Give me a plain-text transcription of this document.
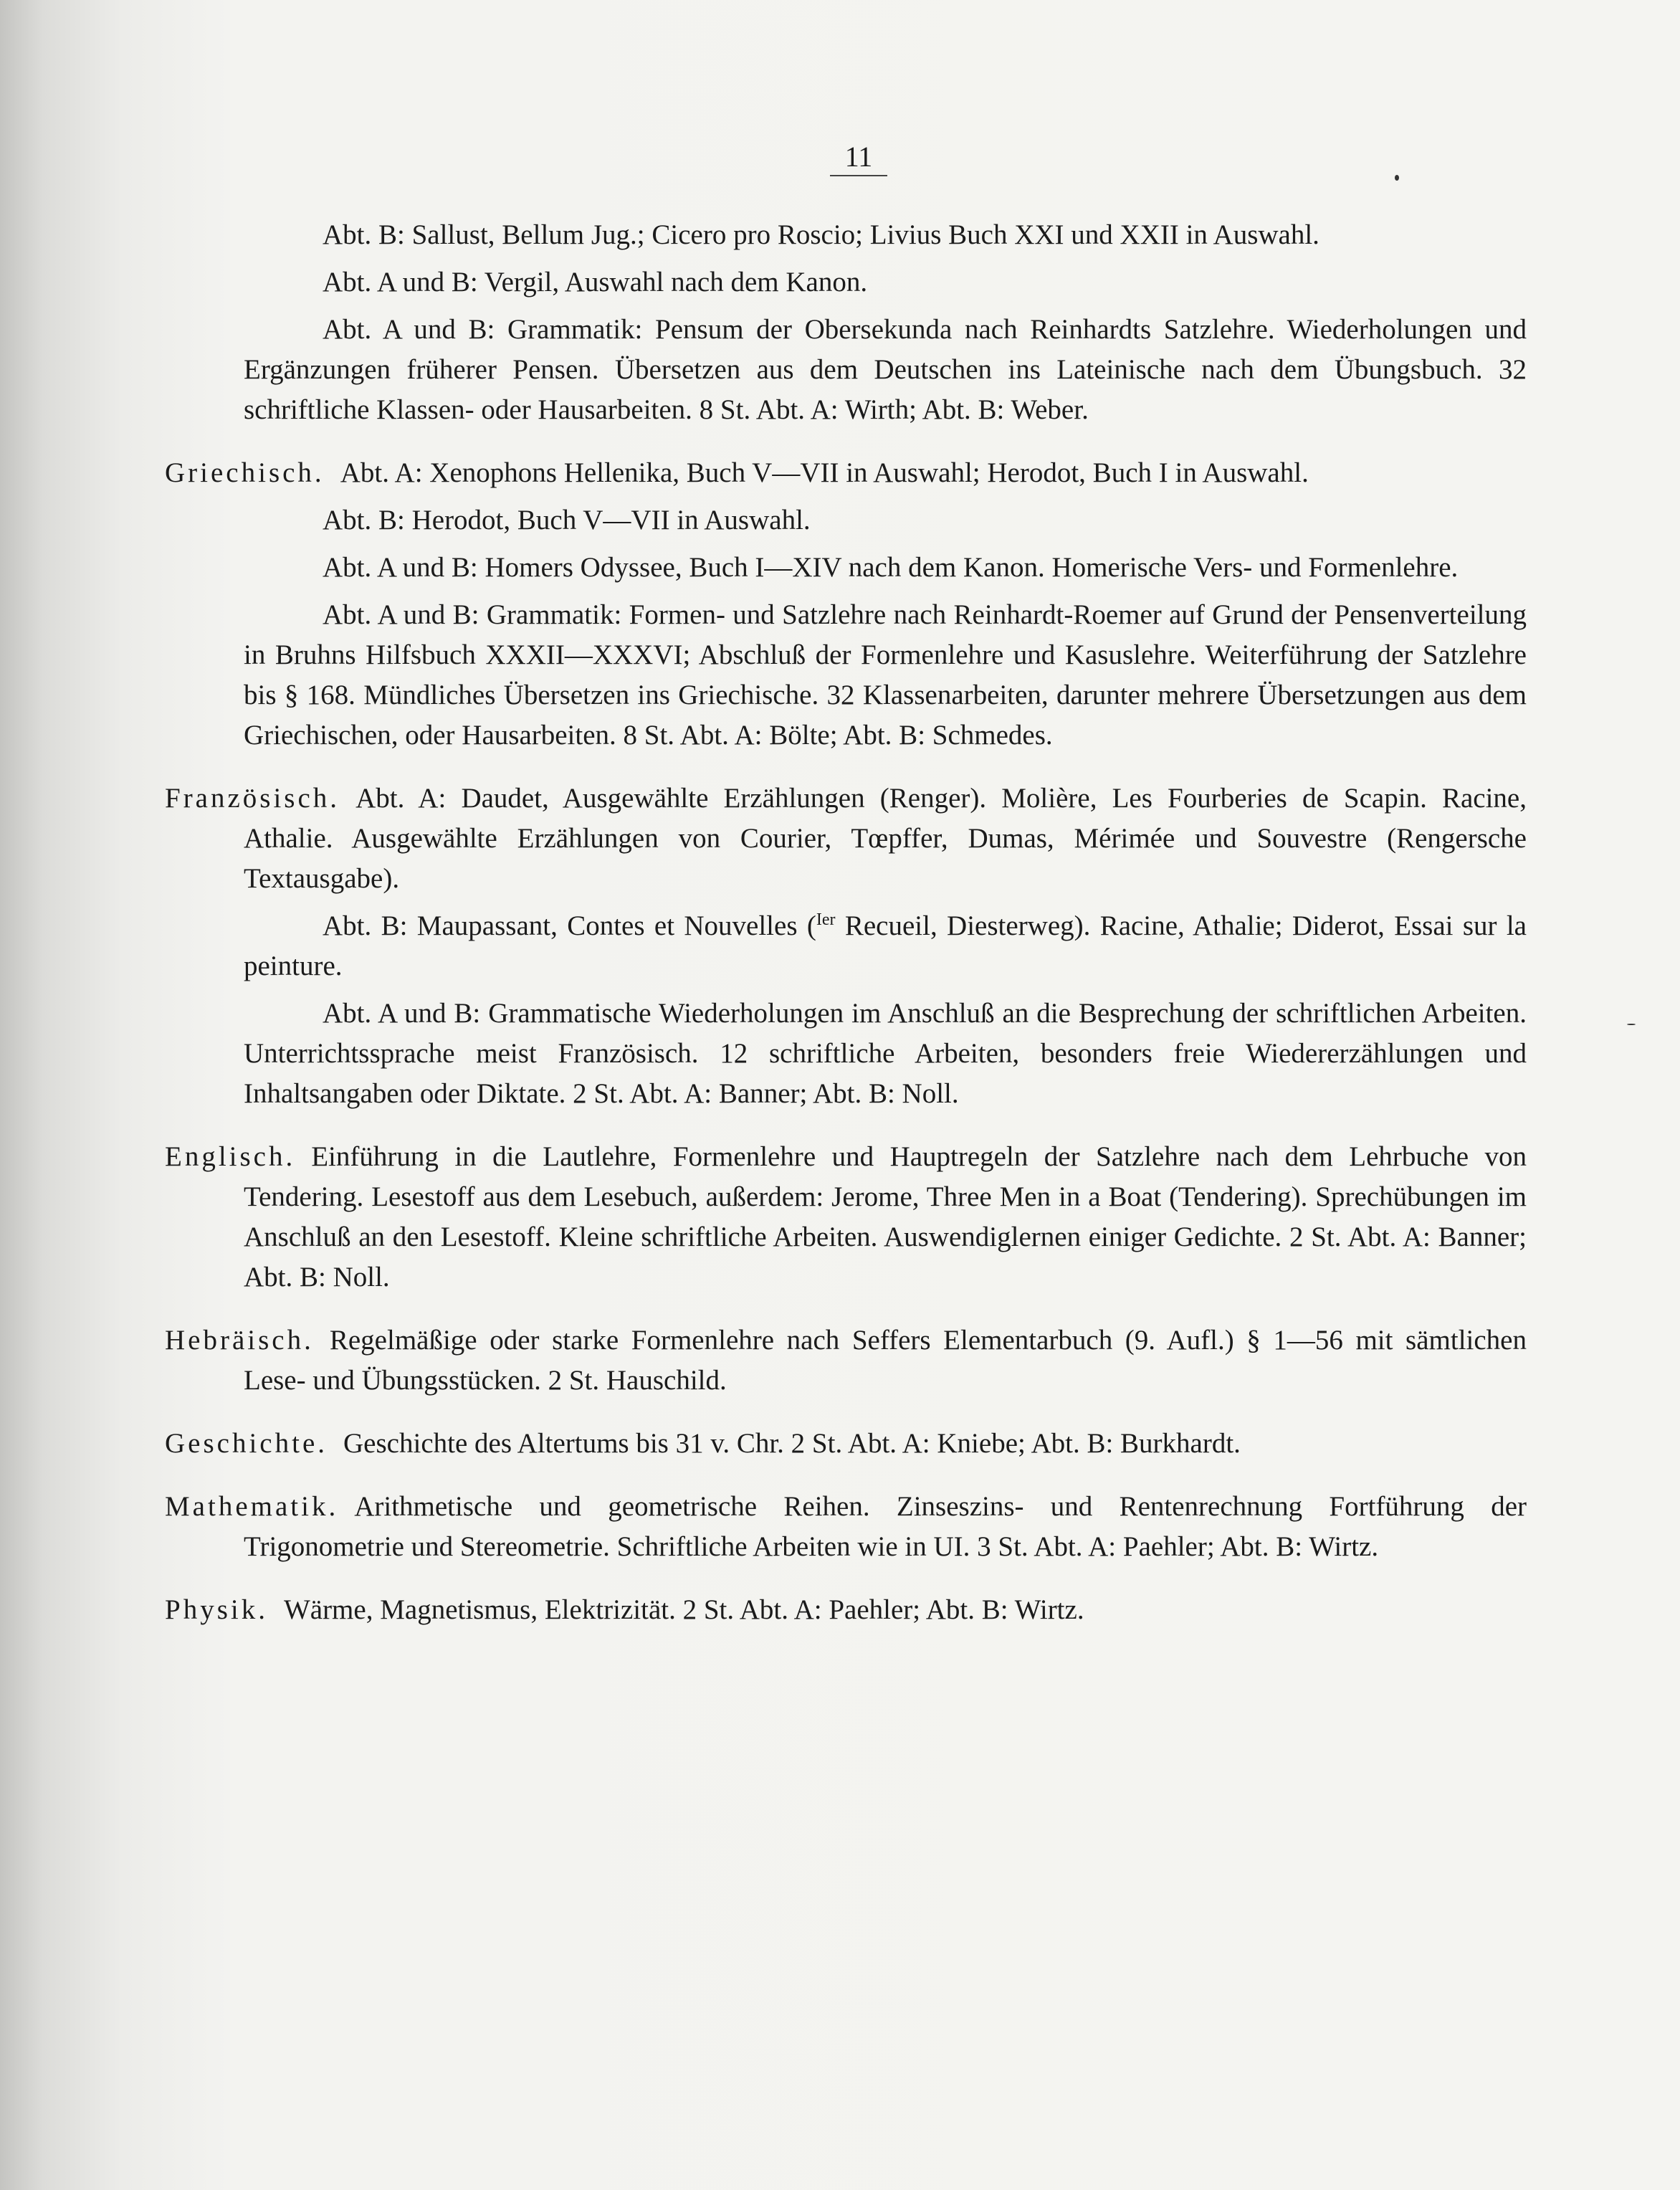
11

Abt. B: Sallust, Bellum Jug.; Cicero pro Roscio; Livius Buch XXI und XXII in Auswahl.

Abt. A und B: Vergil, Auswahl nach dem Kanon.

Abt. A und B: Grammatik: Pensum der Obersekunda nach Reinhardts Satzlehre. Wiederholungen und Ergänzungen früherer Pensen. Übersetzen aus dem Deutschen ins Lateinische nach dem Übungsbuch. 32 schriftliche Klassen- oder Hausarbeiten. 8 St. Abt. A: Wirth; Abt. B: Weber.

Griechisch. Abt. A: Xenophons Hellenika, Buch V—VII in Auswahl; Herodot, Buch I in Auswahl.

Abt. B: Herodot, Buch V—VII in Auswahl.

Abt. A und B: Homers Odyssee, Buch I—XIV nach dem Kanon. Homerische Vers- und Formenlehre.

Abt. A und B: Grammatik: Formen- und Satzlehre nach Reinhardt-Roemer auf Grund der Pensenverteilung in Bruhns Hilfsbuch XXXII—XXXVI; Abschluß der Formenlehre und Kasuslehre. Weiterführung der Satzlehre bis § 168. Mündliches Übersetzen ins Griechische. 32 Klassenarbeiten, darunter mehrere Übersetzungen aus dem Griechischen, oder Hausarbeiten. 8 St. Abt. A: Bölte; Abt. B: Schmedes.

Französisch. Abt. A: Daudet, Ausgewählte Erzählungen (Renger). Molière, Les Fourberies de Scapin. Racine, Athalie. Ausgewählte Erzählungen von Courier, Tœpffer, Dumas, Mérimée und Souvestre (Rengersche Textausgabe).

Abt. B: Maupassant, Contes et Nouvelles ($^{Ier}$ Recueil, Diesterweg). Racine, Athalie; Diderot, Essai sur la peinture.

Abt. A und B: Grammatische Wiederholungen im Anschluß an die Besprechung der schriftlichen Arbeiten. Unterrichtssprache meist Französisch. 12 schriftliche Arbeiten, besonders freie Wiedererzählungen und Inhaltsangaben oder Diktate. 2 St. Abt. A: Banner; Abt. B: Noll.

Englisch. Einführung in die Lautlehre, Formenlehre und Hauptregeln der Satzlehre nach dem Lehrbuche von Tendering. Lesestoff aus dem Lesebuch, außerdem: Jerome, Three Men in a Boat (Tendering). Sprechübungen im Anschluß an den Lesestoff. Kleine schriftliche Arbeiten. Auswendiglernen einiger Gedichte. 2 St. Abt. A: Banner; Abt. B: Noll.

Hebräisch. Regelmäßige oder starke Formenlehre nach Seffers Elementarbuch (9. Aufl.) § 1—56 mit sämtlichen Lese- und Übungsstücken. 2 St. Hauschild.

Geschichte. Geschichte des Altertums bis 31 v. Chr. 2 St. Abt. A: Kniebe; Abt. B: Burkhardt.

Mathematik. Arithmetische und geometrische Reihen. Zinseszins- und Rentenrechnung Fortführung der Trigonometrie und Stereometrie. Schriftliche Arbeiten wie in UI. 3 St. Abt. A: Paehler; Abt. B: Wirtz.

Physik. Wärme, Magnetismus, Elektrizität. 2 St. Abt. A: Paehler; Abt. B: Wirtz.
